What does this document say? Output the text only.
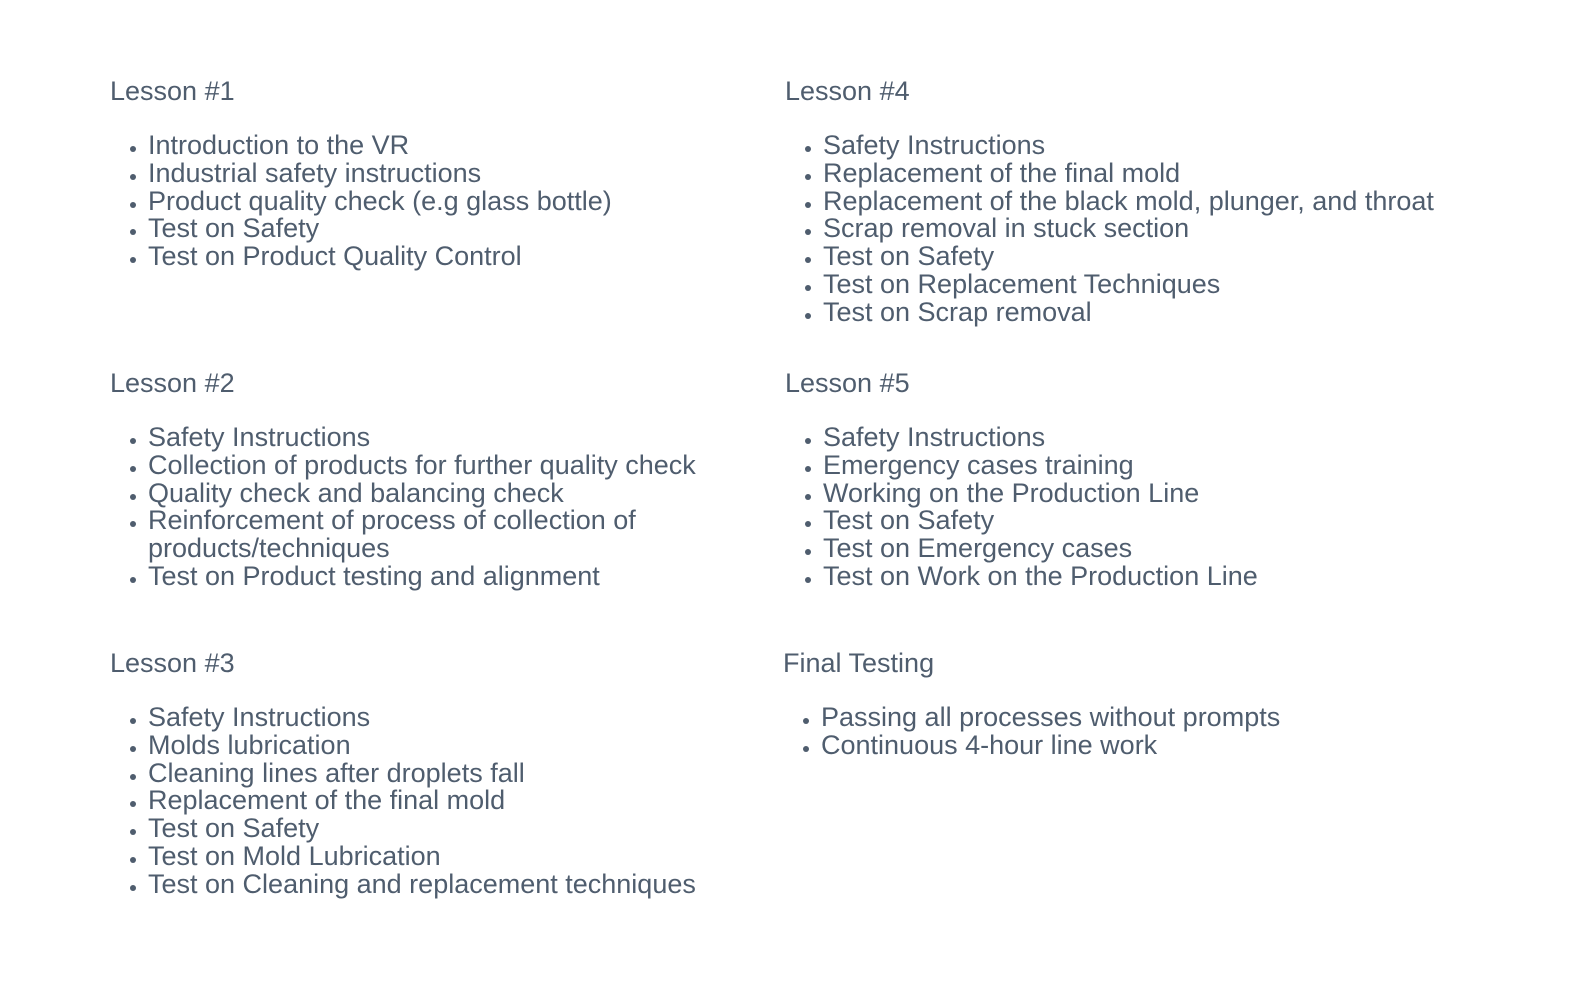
Lesson #1
• Introduction to the VR
• Industrial safety instructions
• Product quality check (e.g glass bottle)
• Test on Safety
• Test on Product Quality Control
Lesson #2
• Safety Instructions
• Collection of products for further quality check
• Quality check and balancing check
• Reinforcement of process of collection of products/techniques
• Test on Product testing and alignment
Lesson #3
• Safety Instructions
• Molds lubrication
• Cleaning lines after droplets fall
• Replacement of the final mold
• Test on Safety
• Test on Mold Lubrication
• Test on Cleaning and replacement techniques
Lesson #4
• Safety Instructions
• Replacement of the final mold
• Replacement of the black mold, plunger, and throat
• Scrap removal in stuck section
• Test on Safety
• Test on Replacement Techniques
• Test on Scrap removal
Lesson #5
• Safety Instructions
• Emergency cases training
• Working on the Production Line
• Test on Safety
• Test on Emergency cases
• Test on Work on the Production Line
Final Testing
• Passing all processes without prompts
• Continuous 4-hour line work
